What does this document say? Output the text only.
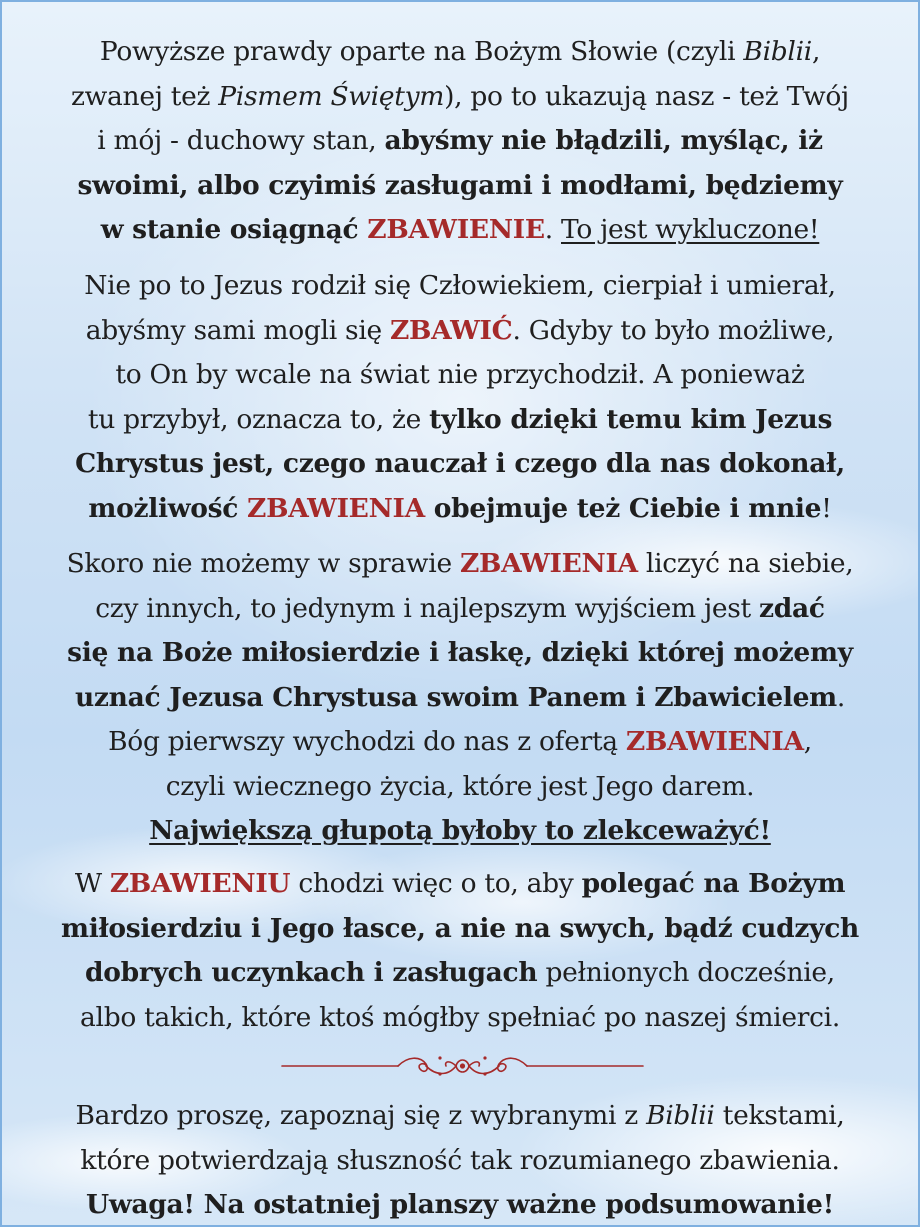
Powyższe prawdy oparte na Bożym Słowie (czyli Biblii,

zwanej też Pismem Świętym), po to ukazują nasz - też Twój

i mój - duchowy stan, abyśmy nie błądzili, myśląc, iż

swoimi, albo czyimiś zasługami i modłami, będziemy

w stanie osiągnąć ZBAWIENIE. To jest wykluczone!

Nie po to Jezus rodził się Człowiekiem, cierpiał i umierał,

abyśmy sami mogli się ZBAWIĆ. Gdyby to było możliwe,

to On by wcale na świat nie przychodził. A ponieważ

tu przybył, oznacza to, że tylko dzięki temu kim Jezus

Chrystus jest, czego nauczał i czego dla nas dokonał,

możliwość ZBAWIENIA obejmuje też Ciebie i mnie!

Skoro nie możemy w sprawie ZBAWIENIA liczyć na siebie,

czy innych, to jedynym i najlepszym wyjściem jest zdać

się na Boże miłosierdzie i łaskę, dzięki której możemy

uznać Jezusa Chrystusa swoim Panem i Zbawicielem.

Bóg pierwszy wychodzi do nas z ofertą ZBAWIENIA,

czyli wiecznego życia, które jest Jego darem.

Największą głupotą byłoby to zlekceważyć!

W ZBAWIENIU chodzi więc o to, aby polegać na Bożym

miłosierdziu i Jego łasce, a nie na swych, bądź cudzych

dobrych uczynkach i zasługach pełnionych docześnie,

albo takich, które ktoś mógłby spełniać po naszej śmierci.

Bardzo proszę, zapoznaj się z wybranymi z Biblii tekstami,

które potwierdzają słuszność tak rozumianego zbawienia.

Uwaga! Na ostatniej planszy ważne podsumowanie!
